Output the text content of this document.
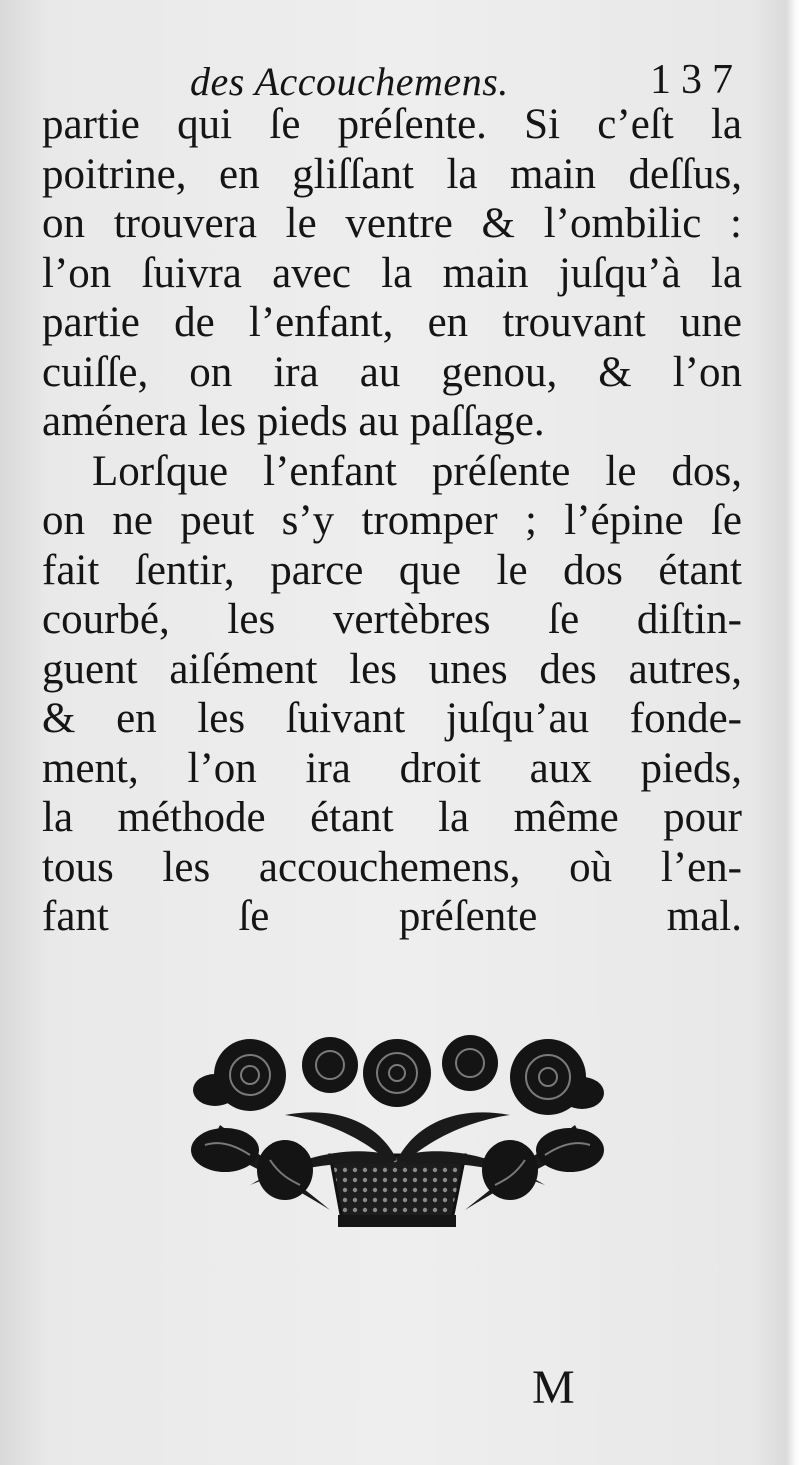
des Accouchemens.	137
partie qui ſe préſente. Si c’eſt la
poitrine, en gliſſant la main deſſus,
on trouvera le ventre & l’ombilic :
l’on ſuivra avec la main juſqu’à la
partie de l’enfant, en trouvant une
cuiſſe, on ira au genou, & l’on
aménera les pieds au paſſage.
Lorſque l’enfant préſente le dos,
on ne peut s’y tromper ; l’épine ſe
fait ſentir, parce que le dos étant
courbé, les vertèbres ſe diſtin-
guent aiſément les unes des autres,
& en les ſuivant juſqu’au fonde-
ment, l’on ira droit aux pieds,
la méthode étant la même pour
tous les accouchemens, où l’en-
fant ſe préſente mal.
M
